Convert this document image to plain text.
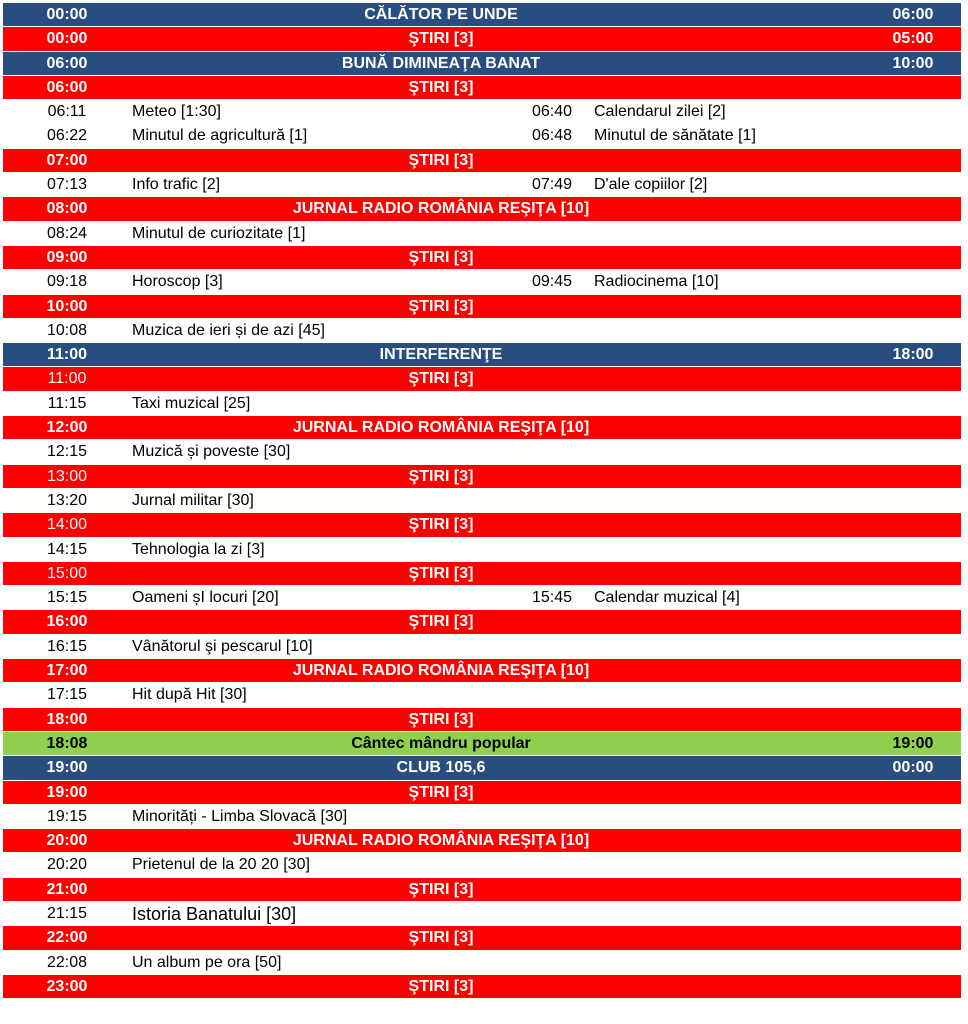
00:00	CĂLĂTOR PE UNDE	06:00
00:00	ŞTIRI [3]	05:00
06:00	BUNĂ DIMINEAŢA BANAT	10:00
06:00	ŞTIRI [3]
06:11	Meteo [1:30]	06:40	Calendarul zilei [2]
06:22	Minutul de agricultură [1]	06:48	Minutul de sănătate [1]
07:00	ŞTIRI [3]
07:13	Info trafic [2]	07:49	D'ale copiilor [2]
08:00	JURNAL RADIO ROMÂNIA REŞIŢA [10]
08:24	Minutul de curiozitate [1]
09:00	ŞTIRI [3]
09:18	Horoscop [3]	09:45	Radiocinema [10]
10:00	ŞTIRI [3]
10:08	Muzica de ieri și de azi [45]
11:00	INTERFERENŢE	18:00
11:00	ŞTIRI [3]
11:15	Taxi muzical [25]
12:00	JURNAL RADIO ROMÂNIA REŞIŢA [10]
12:15	Muzică și poveste [30]
13:00	ŞTIRI [3]
13:20	Jurnal militar [30]
14:00	ŞTIRI [3]
14:15	Tehnologia la zi [3]
15:00	ŞTIRI [3]
15:15	Oameni șI locuri [20]	15:45	Calendar muzical [4]
16:00	ŞTIRI [3]
16:15	Vânătorul şi pescarul [10]
17:00	JURNAL RADIO ROMÂNIA REŞIŢA [10]
17:15	Hit după Hit [30]
18:00	ŞTIRI [3]
18:08	Cântec mândru popular	19:00
19:00	CLUB 105,6	00:00
19:00	ŞTIRI [3]
19:15	Minorități - Limba Slovacă [30]
20:00	JURNAL RADIO ROMÂNIA REŞIŢA [10]
20:20	Prietenul de la 20 20 [30]
21:00	ŞTIRI [3]
21:15	Istoria Banatului [30]
22:00	ŞTIRI [3]
22:08	Un album pe ora [50]
23:00	ŞTIRI [3]
